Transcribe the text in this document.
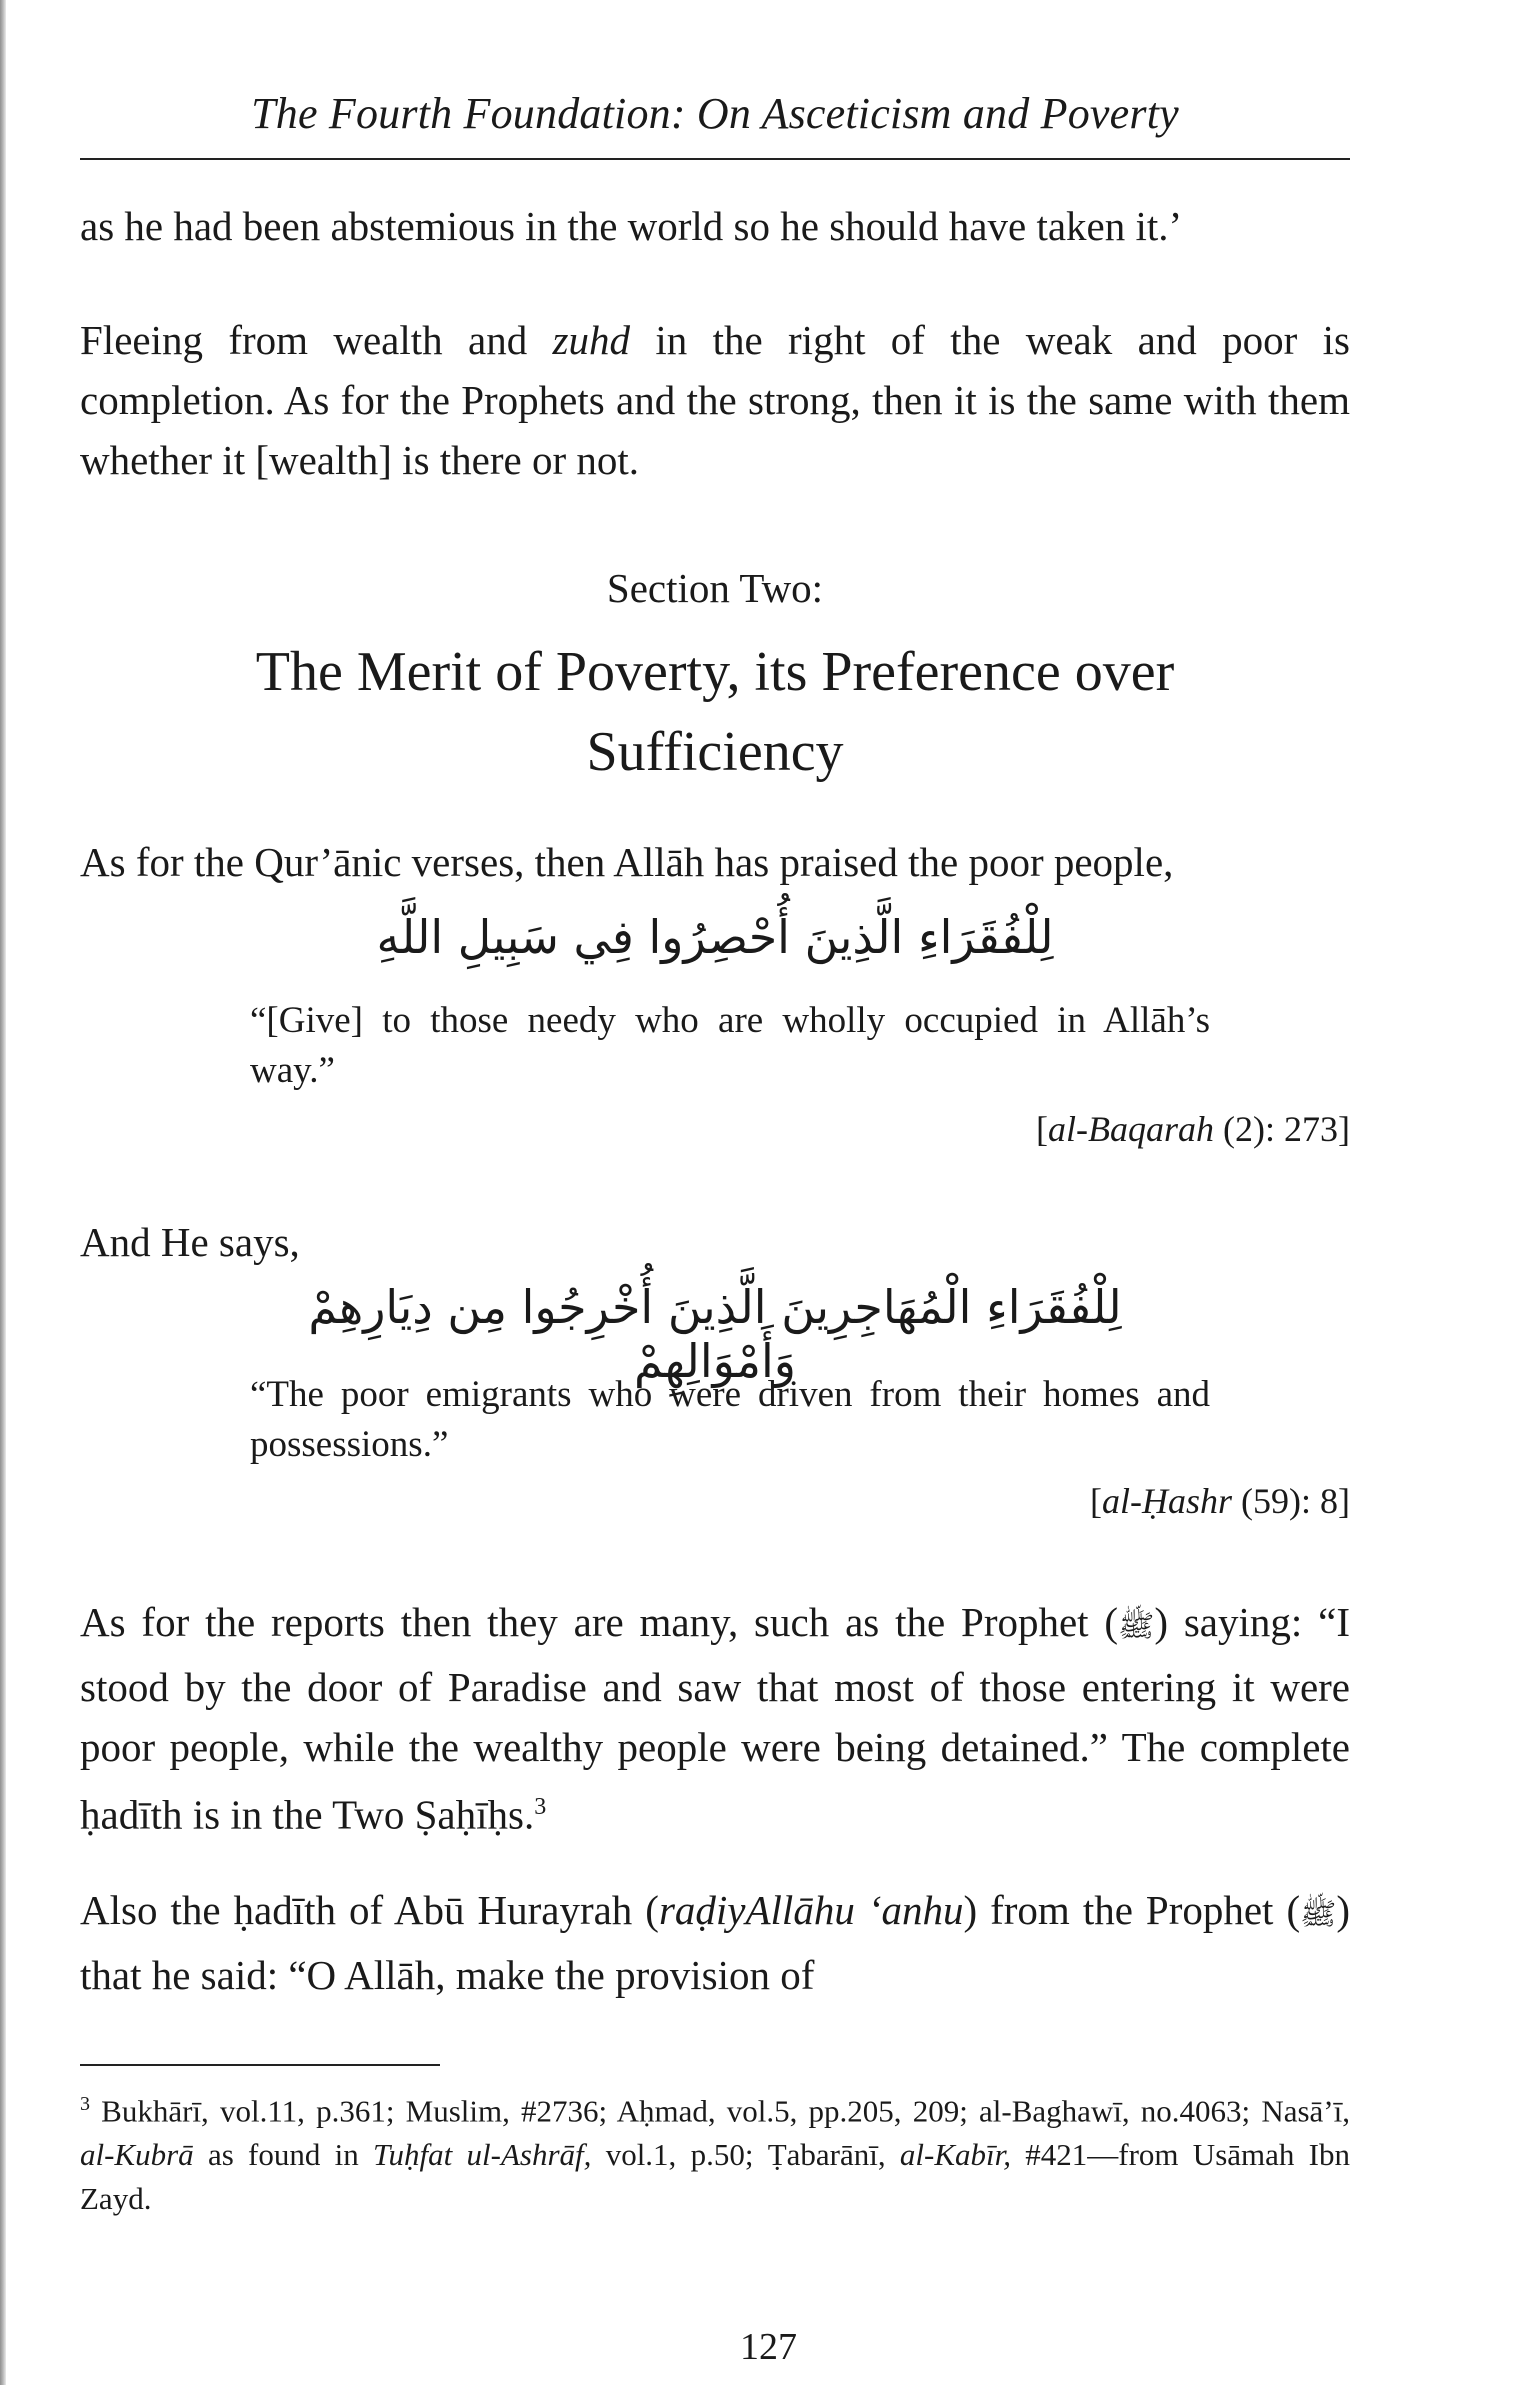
The Fourth Foundation: On Asceticism and Poverty

as he had been abstemious in the world so he should have taken it.’

Fleeing from wealth and zuhd in the right of the weak and poor is completion. As for the Prophets and the strong, then it is the same with them whether it [wealth] is there or not.

Section Two:
The Merit of Poverty, its Preference over Sufficiency

As for the Qur’ānic verses, then Allāh has praised the poor people,

لِلْفُقَرَاءِ الَّذِينَ أُحْصِرُوا فِي سَبِيلِ اللَّهِ

“[Give] to those needy who are wholly occupied in Allāh’s way.”

[al-Baqarah (2): 273]

And He says,

لِلْفُقَرَاءِ الْمُهَاجِرِينَ الَّذِينَ أُخْرِجُوا مِن دِيَارِهِمْ وَأَمْوَالِهِمْ

“The poor emigrants who were driven from their homes and possessions.”

[al-Ḥashr (59): 8]

As for the reports then they are many, such as the Prophet (ﷺ) saying: “I stood by the door of Paradise and saw that most of those entering it were poor people, while the wealthy people were being detained.” The complete ḥadīth is in the Two Ṣaḥīḥs.$^3$

Also the ḥadīth of Abū Hurayrah (raḍiyAllāhu ‘anhu) from the Prophet (ﷺ) that he said: “O Allāh, make the provision of

$^3$ Bukhārī, vol.11, p.361; Muslim, #2736; Aḥmad, vol.5, pp.205, 209; al-Baghawī, no.4063; Nasā’ī, al-Kubrā as found in Tuḥfat ul-Ashrāf, vol.1, p.50; Ṭabarānī, al-Kabīr, #421—from Usāmah Ibn Zayd.
127
